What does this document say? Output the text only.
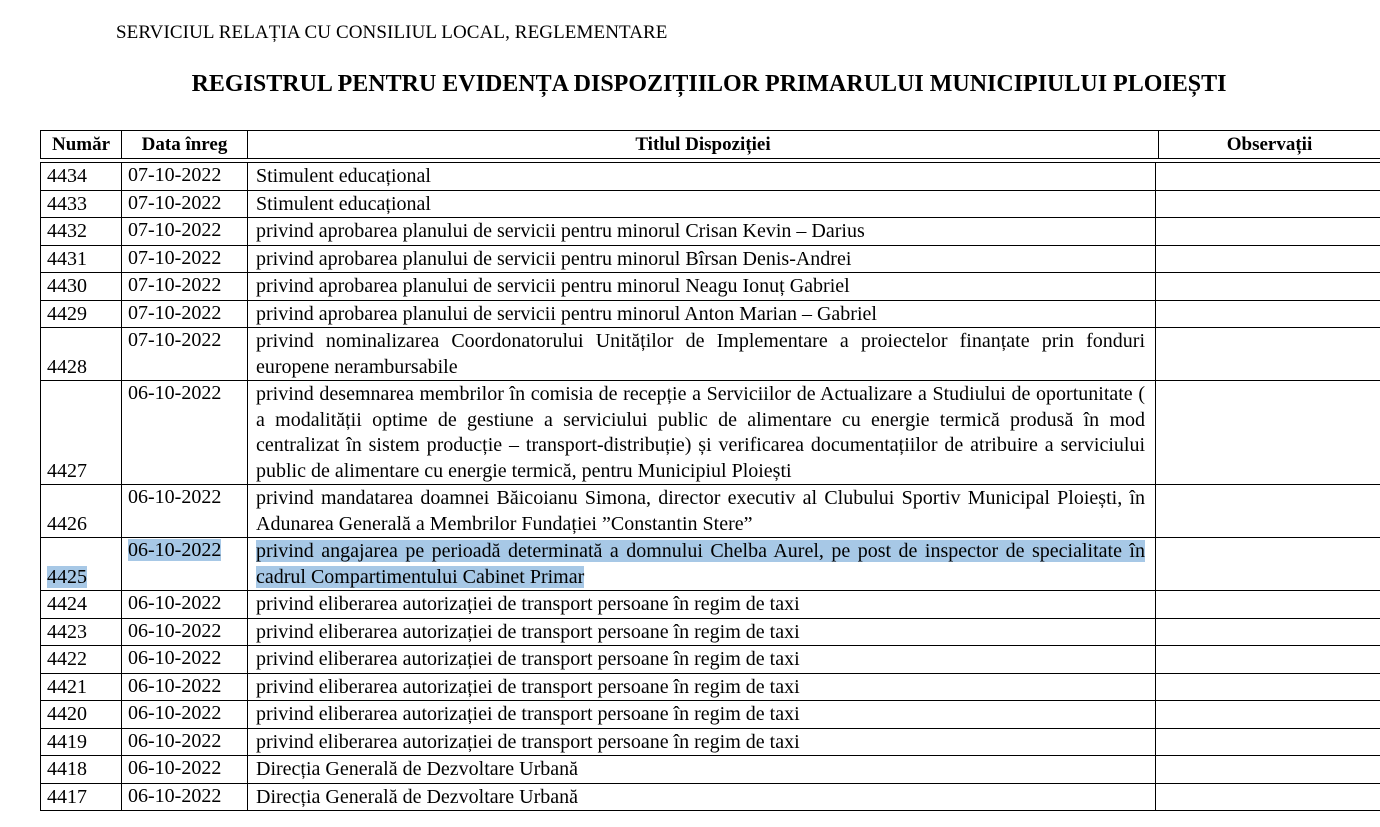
SERVICIUL RELAȚIA CU CONSILIUL LOCAL, REGLEMENTARE
REGISTRUL PENTRU EVIDENȚA DISPOZIȚIILOR PRIMARULUI MUNICIPIULUI PLOIEȘTI
Număr	Data înreg	Titlul Dispoziției	Observații
4434	07-10-2022	Stimulent educațional	
4433	07-10-2022	Stimulent educațional	
4432	07-10-2022	privind aprobarea planului de servicii pentru minorul Crisan Kevin – Darius	
4431	07-10-2022	privind aprobarea planului de servicii pentru minorul Bîrsan Denis-Andrei	
4430	07-10-2022	privind aprobarea planului de servicii pentru minorul Neagu Ionuț Gabriel	
4429	07-10-2022	privind aprobarea planului de servicii pentru minorul Anton Marian – Gabriel	
4428	07-10-2022	privind nominalizarea Coordonatorului Unităților de Implementare a proiectelor finanțate prin fonduri europene nerambursabile	
4427	06-10-2022	privind desemnarea membrilor în comisia de recepție a Serviciilor de Actualizare a Studiului de oportunitate ( a modalității optime de gestiune a serviciului public de alimentare cu energie termică produsă în mod centralizat în sistem producție – transport-distribuție) și verificarea documentațiilor de atribuire a serviciului public de alimentare cu energie termică, pentru Municipiul Ploiești	
4426	06-10-2022	privind mandatarea doamnei Băicoianu Simona, director executiv al Clubului Sportiv Municipal Ploiești, în Adunarea Generală a Membrilor Fundației ”Constantin Stere”	
4425	06-10-2022	privind angajarea pe perioadă determinată a domnului Chelba Aurel, pe post de inspector de specialitate în cadrul Compartimentului Cabinet Primar	
4424	06-10-2022	privind eliberarea autorizației de transport persoane în regim de taxi	
4423	06-10-2022	privind eliberarea autorizației de transport persoane în regim de taxi	
4422	06-10-2022	privind eliberarea autorizației de transport persoane în regim de taxi	
4421	06-10-2022	privind eliberarea autorizației de transport persoane în regim de taxi	
4420	06-10-2022	privind eliberarea autorizației de transport persoane în regim de taxi	
4419	06-10-2022	privind eliberarea autorizației de transport persoane în regim de taxi	
4418	06-10-2022	Direcția Generală de Dezvoltare Urbană	
4417	06-10-2022	Direcția Generală de Dezvoltare Urbană	
